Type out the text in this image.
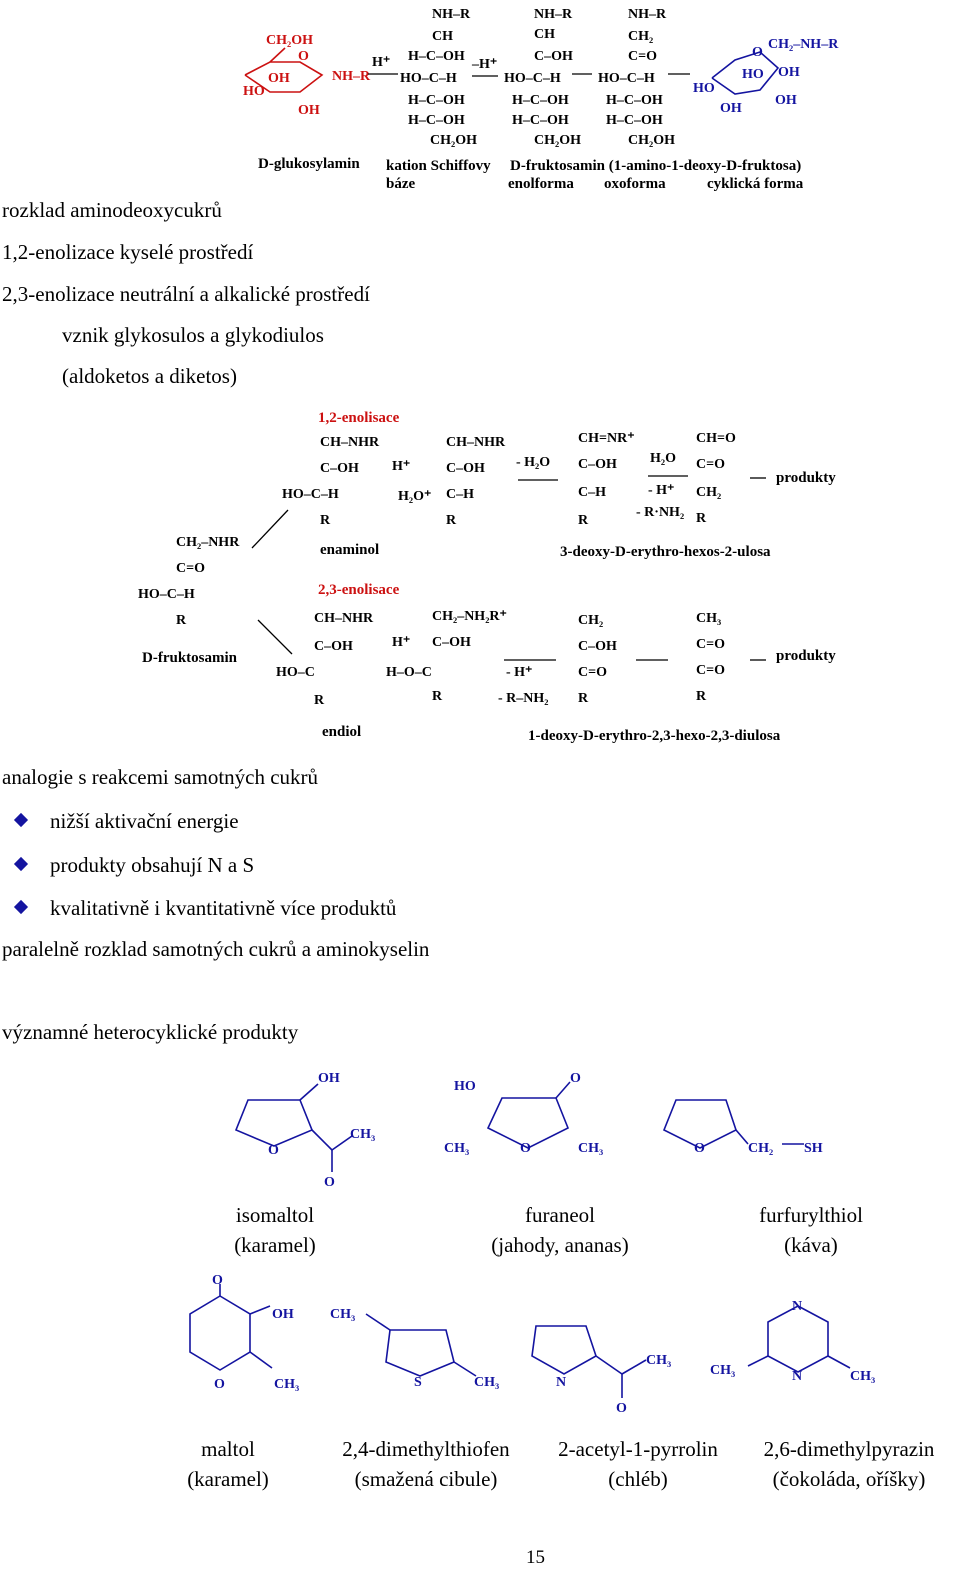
CH₂OH
O
OH
HO
OH
NH–R
H⁺
NH–R
CH
H–C–OH
HO–C–H
H–C–OH
H–C–OH
CH₂OH
–H⁺
NH–R
CH
C–OH
HO–C–H
H–C–OH
H–C–OH
CH₂OH
NH–R
CH₂
C=O
HO–C–H
H–C–OH
H–C–OH
CH₂OH
O
CH₂–NH–R
HO
HO OH
OH
OH
D-glukosylamin kation Schiffovy
báze
D-fruktosamin (1-amino-1-deoxy-D-fruktosa)
enolforma oxoforma	cyklická forma
CH₂–NHR
C=O
HO–C–H
R
D-fruktosamin
1,2-enolisace
CH–NHR
C–OH
HO–C–H
R
enaminol
H⁺
H₂O⁺
CH–NHR
C–OH
C–H
R
- H₂O
CH=NR⁺
C–OH
C–H
R
H₂O
- H⁺
- R·NH₂
CH=O
C=O
CH₂
R
produkty
3-deoxy-D-erythro-hexos-2-ulosa
2,3-enolisace
CH–NHR
C–OH
HO–C
R
endiol
H⁺
H–O–C
CH₂–NH₂R⁺
C–OH
R
- H⁺
- R–NH₂
CH₂
C–OH
C=O
R
CH₃
C=O
C=O
R
produkty
1-deoxy-D-erythro-2,3-hexo-2,3-diulosa
OH
O
CH₃
O
HO
O
CH₃	O	CH₃	O	CH₂ SH
O
OH
O	CH₃
CH₃
S	CH₃	N
CH₃
O
N
CH₃	N	CH₃
rozklad aminodeoxycukrů
1,2-enolizace kyselé prostředí
2,3-enolizace neutrální a alkalické prostředí
vznik glykosulos a glykodiulos
(aldoketos a diketos)
analogie s reakcemi samotných cukrů
nižší aktivační energie
produkty obsahují N a S
kvalitativně i kvantitativně více produktů
paralelně rozklad samotných cukrů a aminokyselin
významné heterocyklické produkty
isomaltol
(karamel)
furaneol
(jahody, ananas)
furfurylthiol
(káva)
maltol
(karamel)
2,4-dimethylthiofen
(smažená cibule)
2-acetyl-1-pyrrolin
(chléb)
2,6-dimethylpyrazin
(čokoláda, oříšky)
15
